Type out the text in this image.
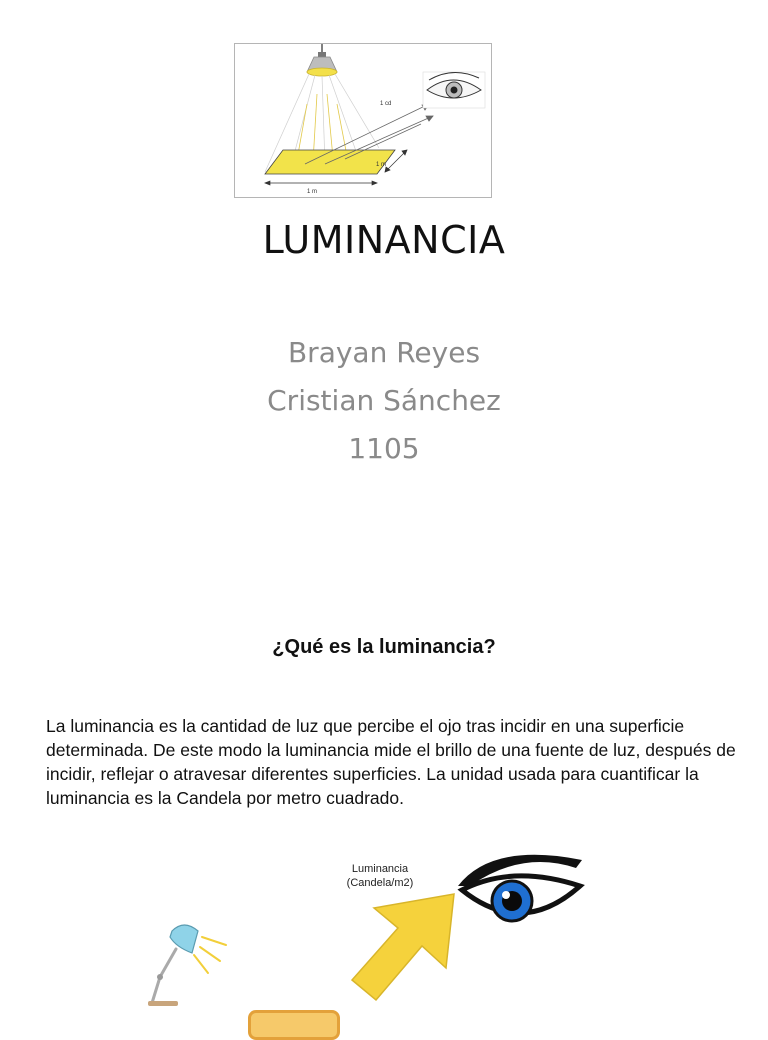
1 cd
1 m
1 m
LUMINANCIA
Brayan Reyes
Cristian Sánchez
1105
¿Qué es la luminancia?
La luminancia es la cantidad de luz que percibe el ojo tras incidir en una superficie determinada. De este modo la luminancia mide el brillo de una fuente de luz, después de incidir, reflejar o atravesar diferentes superficies. La unidad usada para cuantificar la luminancia es la Candela por metro cuadrado.
Luminancia
(Candela/m2)
